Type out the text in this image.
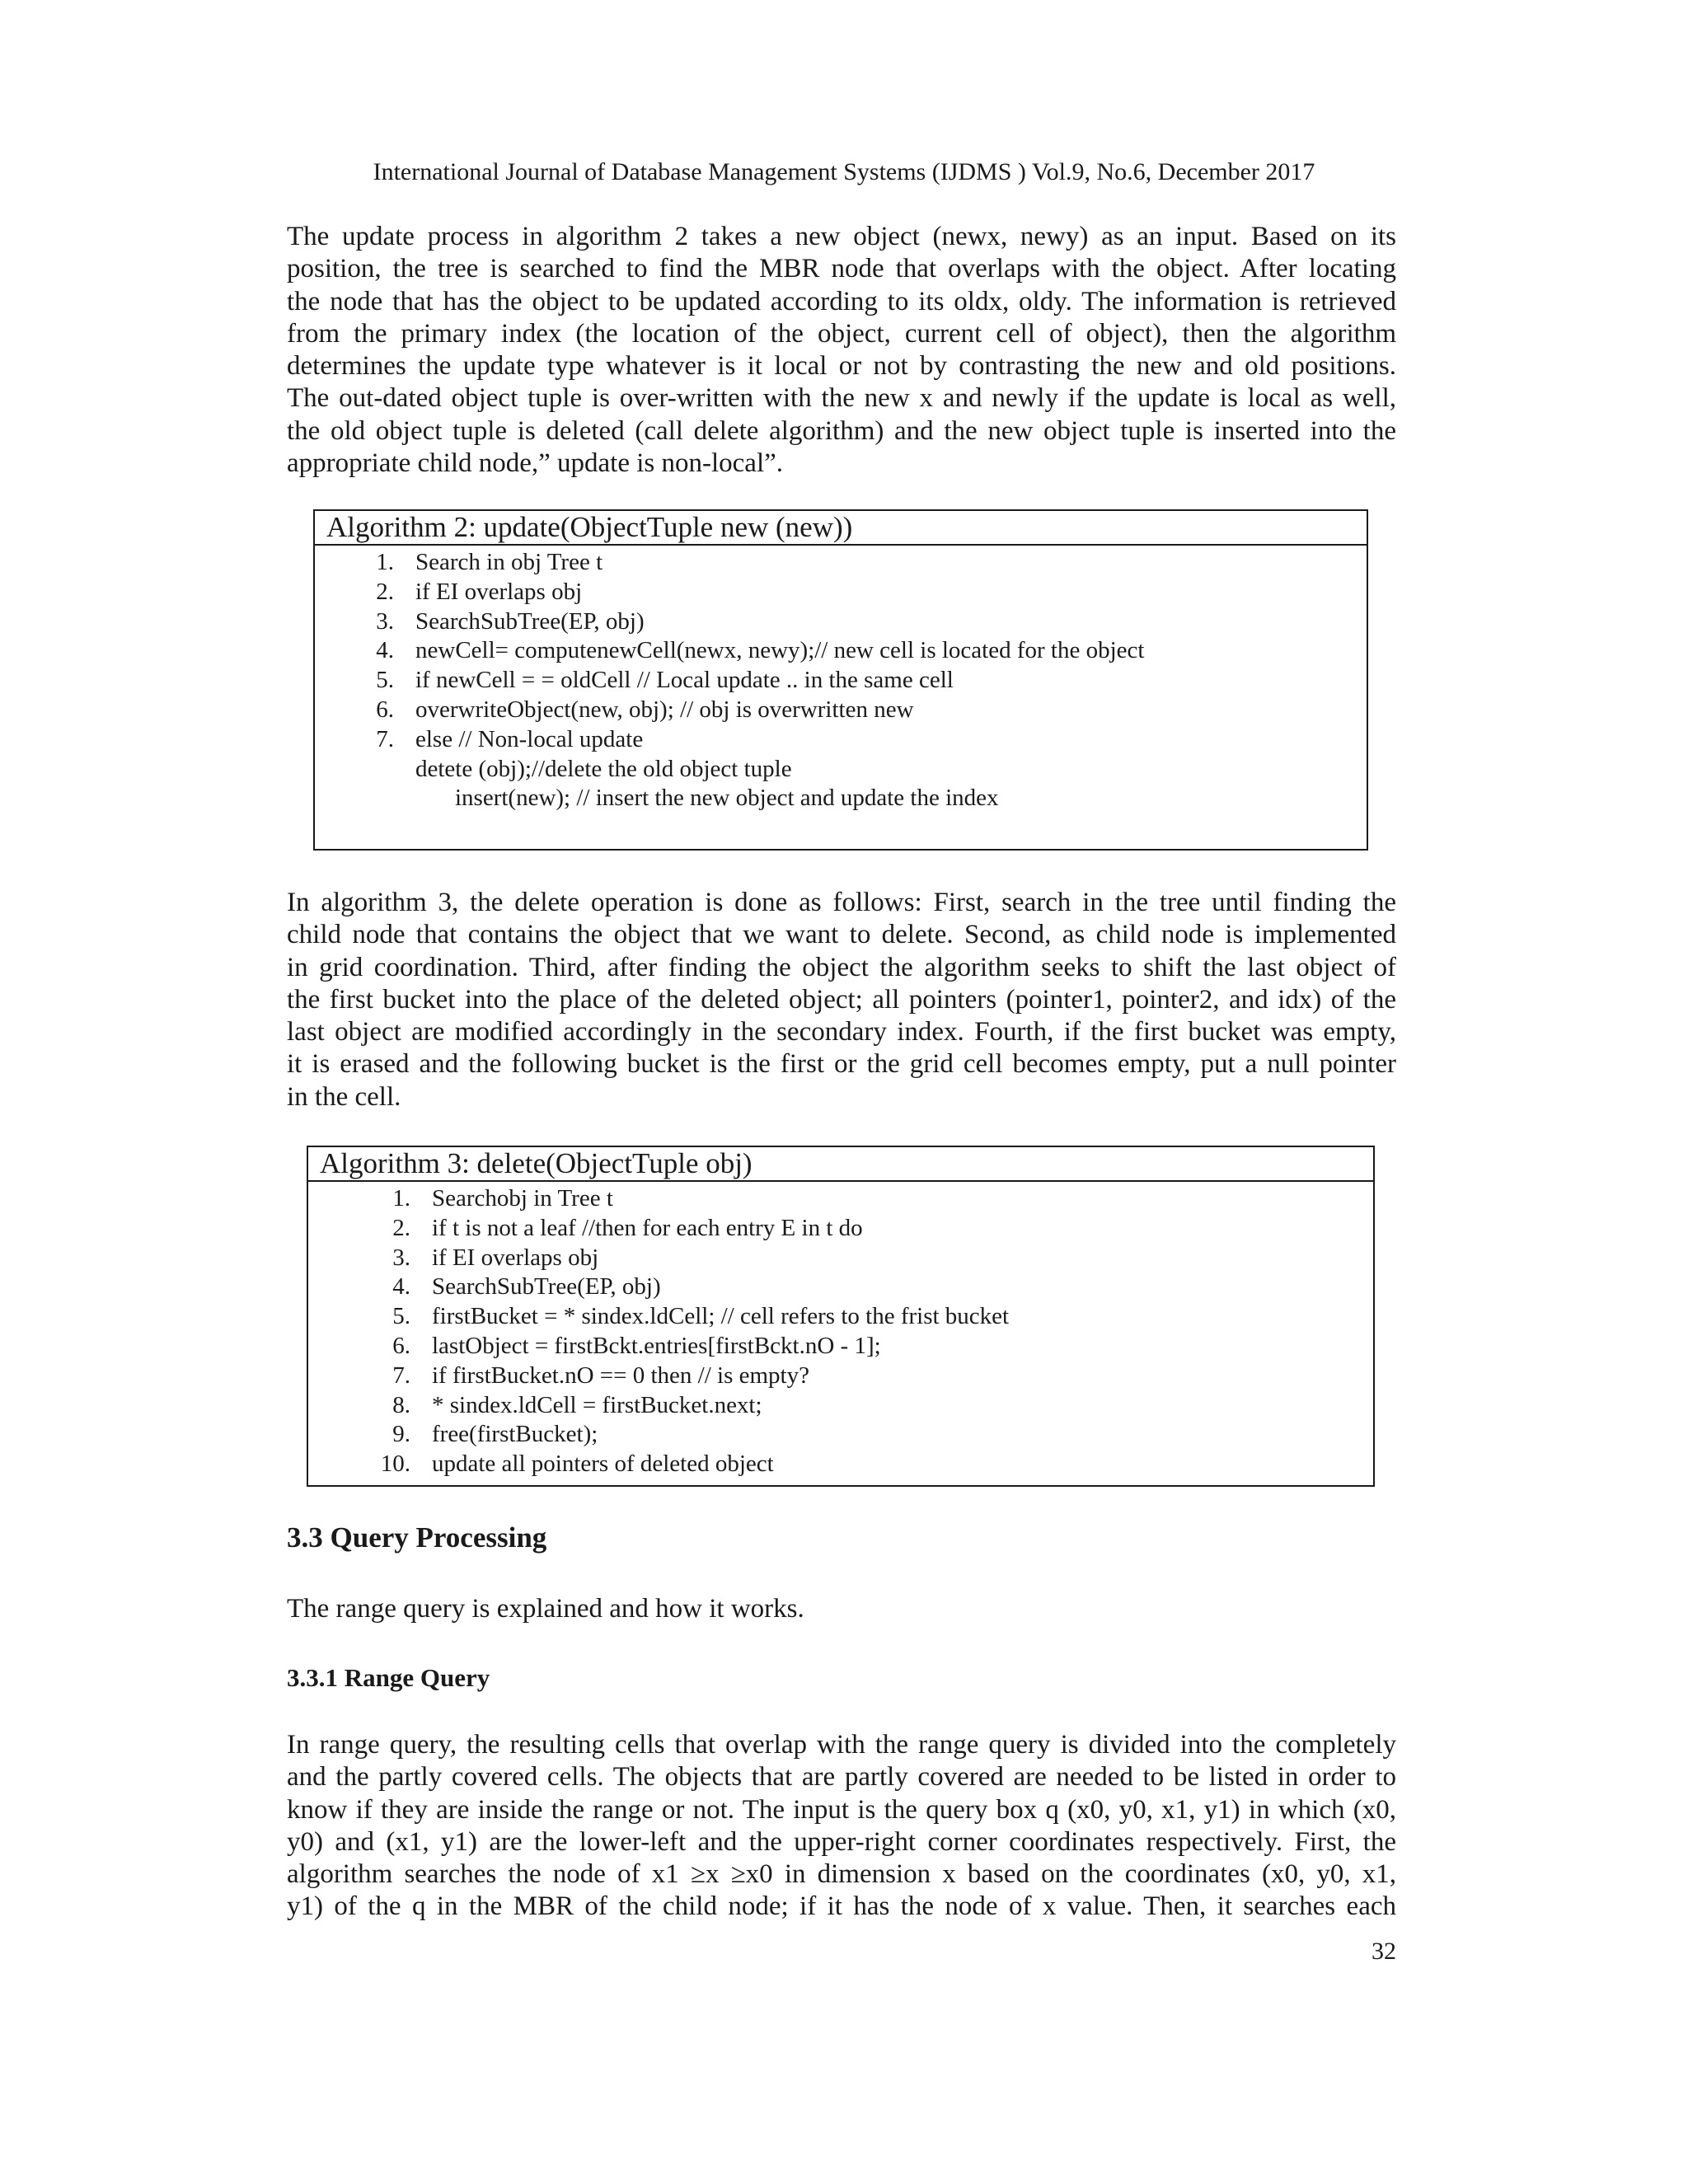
International Journal of Database Management Systems (IJDMS ) Vol.9, No.6, December 2017
The update process in algorithm 2 takes a new object (newx, newy) as an input. Based on its
position, the tree is searched to find the MBR node that overlaps with the object. After locating
the node that has the object to be updated according to its oldx, oldy. The information is retrieved
from the primary index (the location of the object, current cell of object), then the algorithm
determines the update type whatever is it local or not by contrasting the new and old positions.
The out-dated object tuple is over-written with the new x and newly if the update is local as well,
the old object tuple is deleted (call delete algorithm) and the new object tuple is inserted into the
appropriate child node,” update is non-local”.
Algorithm 2: update(ObjectTuple new (new))
1. Search in obj Tree t
2. if EI overlaps obj
3. SearchSubTree(EP, obj)
4. newCell= computenewCell(newx, newy);// new cell is located for the object
5. if newCell = = oldCell // Local update .. in the same cell
6. overwriteObject(new, obj); // obj is overwritten new
7. else // Non-local update
detete (obj);//delete the old object tuple
insert(new); // insert the new object and update the index
In algorithm 3, the delete operation is done as follows: First, search in the tree until finding the
child node that contains the object that we want to delete. Second, as child node is implemented
in grid coordination. Third, after finding the object the algorithm seeks to shift the last object of
the first bucket into the place of the deleted object; all pointers (pointer1, pointer2, and idx) of the
last object are modified accordingly in the secondary index. Fourth, if the first bucket was empty,
it is erased and the following bucket is the first or the grid cell becomes empty, put a null pointer
in the cell.
Algorithm 3: delete(ObjectTuple obj)
1. Searchobj in Tree t
2. if t is not a leaf //then for each entry E in t do
3. if EI overlaps obj
4. SearchSubTree(EP, obj)
5. firstBucket = * sindex.ldCell; // cell refers to the frist bucket
6. lastObject = firstBckt.entries[firstBckt.nO - 1];
7. if firstBucket.nO == 0 then // is empty?
8. * sindex.ldCell = firstBucket.next;
9. free(firstBucket);
10. update all pointers of deleted object
3.3 Query Processing
The range query is explained and how it works.
3.3.1 Range Query
In range query, the resulting cells that overlap with the range query is divided into the completely
and the partly covered cells. The objects that are partly covered are needed to be listed in order to
know if they are inside the range or not. The input is the query box q (x0, y0, x1, y1) in which (x0,
y0) and (x1, y1) are the lower-left and the upper-right corner coordinates respectively. First, the
algorithm searches the node of x1 ≥x ≥x0 in dimension x based on the coordinates (x0, y0, x1,
y1) of the q in the MBR of the child node; if it has the node of x value. Then, it searches each
32
